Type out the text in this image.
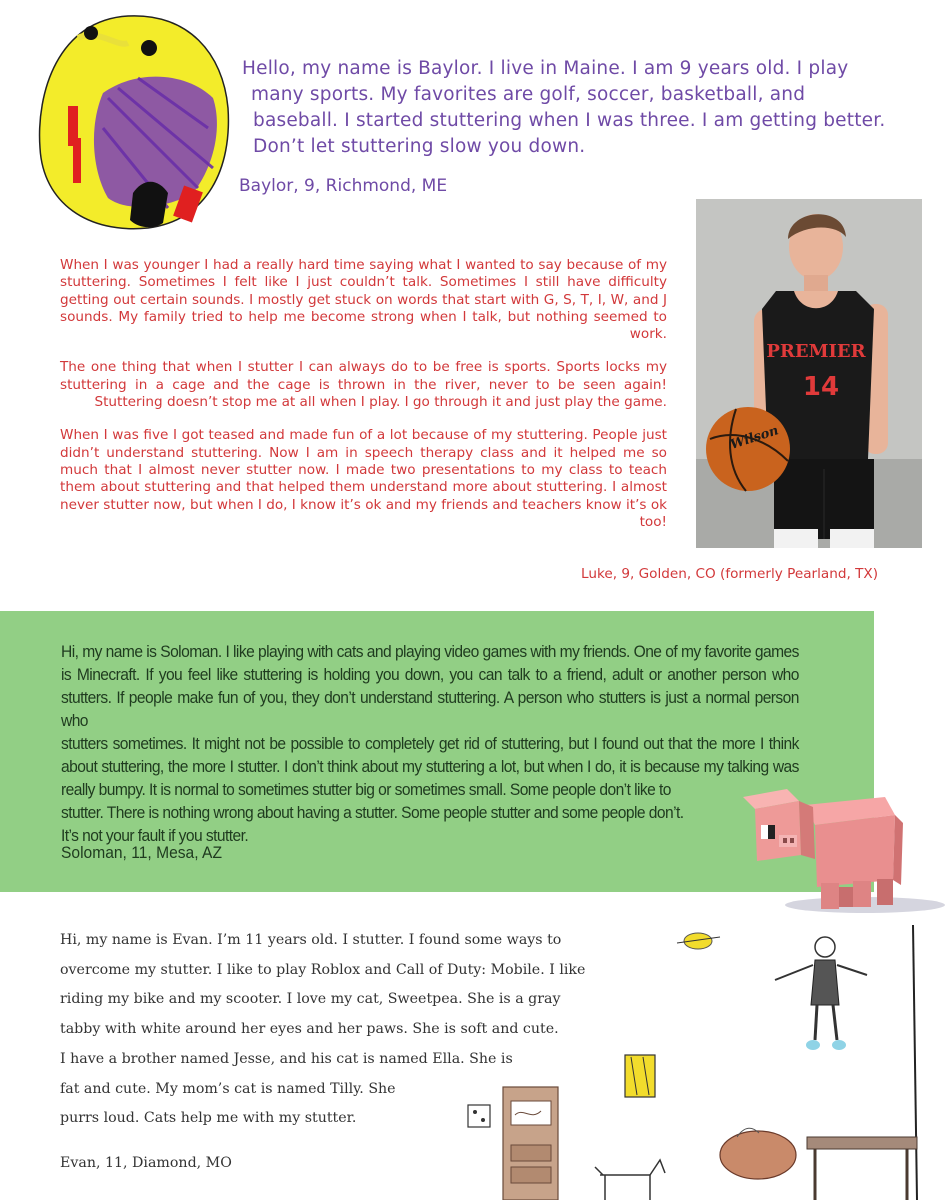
Hello, my name is Baylor. I live in Maine. I am 9 years old. I play

many sports. My favorites are golf, soccer, basketball, and

baseball. I started stuttering when I was three. I am getting better.

Don’t let stuttering slow you down.

Baylor, 9, Richmond, ME

When I was younger I had a really hard time saying what I wanted to say because of my stuttering. Sometimes I felt like I just couldn’t talk. Sometimes I still have difficulty getting out certain sounds. I mostly get stuck on words that start with G, S, T, I, W, and J sounds. My family tried to help me become strong when I talk, but nothing seemed to work.

The one thing that when I stutter I can always do to be free is sports. Sports locks my stuttering in a cage and the cage is thrown in the river, never to be seen again! Stuttering doesn’t stop me at all when I play. I go through it and just play the game.

When I was five I got teased and made fun of a lot because of my stuttering. People just didn’t understand stuttering. Now I am in speech therapy class and it helped me so much that I almost never stutter now. I made two presentations to my class to teach them about stuttering and that helped them understand more about stuttering. I almost never stutter now, but when I do, I know it’s ok and my friends and teachers know it’s ok too!

PREMIER
14
Wilson
Luke, 9, Golden, CO (formerly Pearland, TX)
Hi, my name is Soloman. I like playing with cats and playing video games with my friends. One of my favorite games
is Minecraft. If you feel like stuttering is holding you down, you can talk to a friend, adult or another person who
stutters. If people make fun of you, they don’t understand stuttering. A person who stutters is just a normal person who
stutters sometimes. It might not be possible to completely get rid of stuttering, but I found out that the more I think
about stuttering, the more I stutter. I don’t think about my stuttering a lot, but when I do, it is because my talking was
really bumpy. It is normal to sometimes stutter big or sometimes small. Some people don’t like to
stutter. There is nothing wrong about having a stutter. Some people stutter and some people don’t.
It’s not your fault if you stutter.
Soloman, 11, Mesa, AZ
Hi, my name is Evan. I’m 11 years old. I stutter. I found some ways to
overcome my stutter. I like to play Roblox and Call of Duty: Mobile. I like
riding my bike and my scooter. I love my cat, Sweetpea. She is a gray
tabby with white around her eyes and her paws. She is soft and cute.
I have a brother named Jesse, and his cat is named Ella. She is
fat and cute. My mom’s cat is named Tilly. She
purrs loud. Cats help me with my stutter.
Evan, 11, Diamond, MO
